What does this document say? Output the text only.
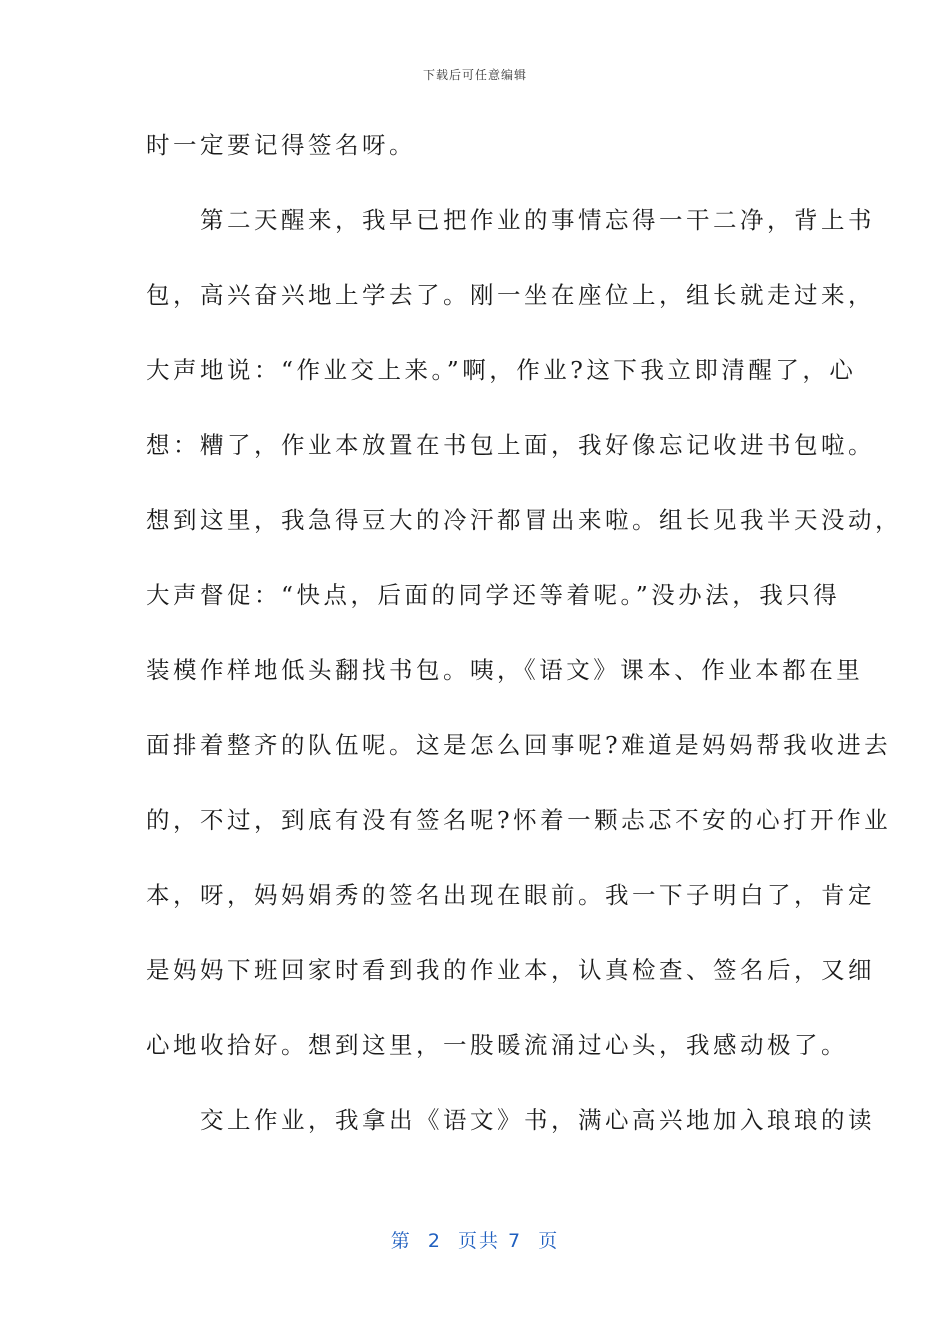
下载后可任意编辑
时一定要记得签名呀。
　　第二天醒来，我早已把作业的事情忘得一干二净，背上书
包，高兴奋兴地上学去了。刚一坐在座位上，组长就走过来，
大声地说：“作业交上来。”啊，作业?这下我立即清醒了，心
想：糟了，作业本放置在书包上面，我好像忘记收进书包啦。
想到这里，我急得豆大的冷汗都冒出来啦。组长见我半天没动，
大声督促：“快点，后面的同学还等着呢。”没办法，我只得
装模作样地低头翻找书包。咦，《语文》课本、作业本都在里
面排着整齐的队伍呢。这是怎么回事呢?难道是妈妈帮我收进去
的，不过，到底有没有签名呢?怀着一颗忐忑不安的心打开作业
本，呀，妈妈娟秀的签名出现在眼前。我一下子明白了，肯定
是妈妈下班回家时看到我的作业本，认真检查、签名后，又细
心地收拾好。想到这里，一股暖流涌过心头，我感动极了。
　　交上作业，我拿出《语文》书，满心高兴地加入琅琅的读
第  2  页共 7  页
